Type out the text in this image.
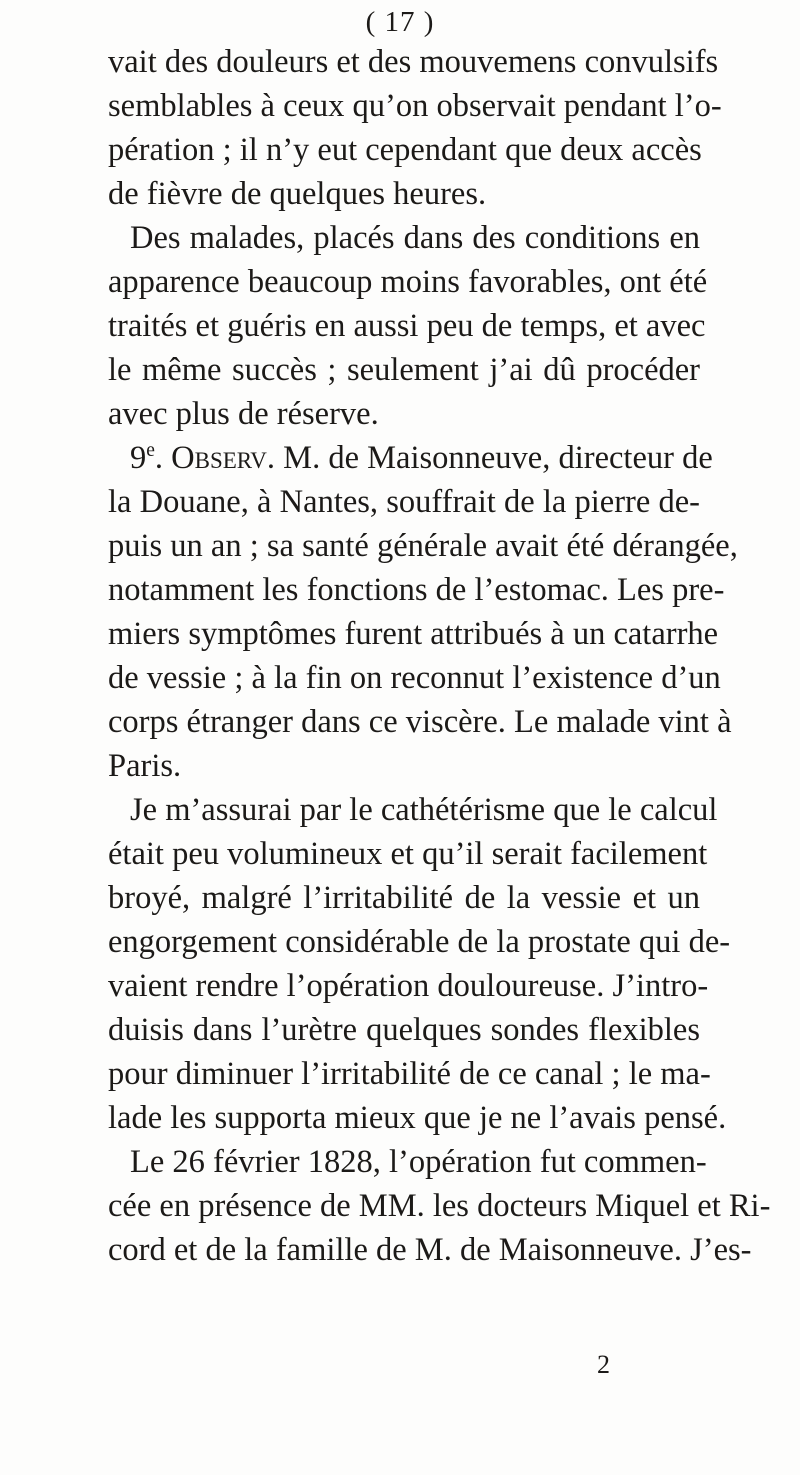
( 17 )
vait des douleurs et des mouvemens convulsifs
semblables à ceux qu’on observait pendant l’o-
pération ; il n’y eut cependant que deux accès
de fièvre de quelques heures.
Des malades, placés dans des conditions en
apparence beaucoup moins favorables, ont été
traités et guéris en aussi peu de temps, et avec
le même succès ; seulement j’ai dû procéder
avec plus de réserve.
9e. Observ. M. de Maisonneuve, directeur de
la Douane, à Nantes, souffrait de la pierre de-
puis un an ; sa santé générale avait été dérangée,
notamment les fonctions de l’estomac. Les pre-
miers symptômes furent attribués à un catarrhe
de vessie ; à la fin on reconnut l’existence d’un
corps étranger dans ce viscère. Le malade vint à
Paris.
Je m’assurai par le cathétérisme que le calcul
était peu volumineux et qu’il serait facilement
broyé, malgré l’irritabilité de la vessie et un
engorgement considérable de la prostate qui de-
vaient rendre l’opération douloureuse. J’intro-
duisis dans l’urètre quelques sondes flexibles
pour diminuer l’irritabilité de ce canal ; le ma-
lade les supporta mieux que je ne l’avais pensé.
Le 26 février 1828, l’opération fut commen-
cée en présence de MM. les docteurs Miquel et Ri-
cord et de la famille de M. de Maisonneuve. J’es-
2
